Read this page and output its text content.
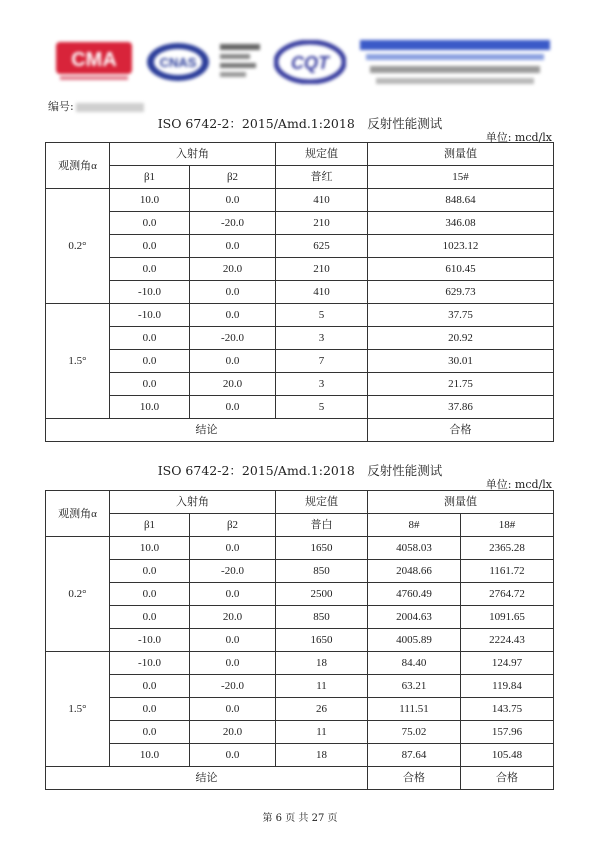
CMA	CNAS	CQT
编号:
ISO 6742-2：2015/Amd.1:2018　反射性能测试
单位: mcd/lx
观测角α	入射角		规定值	测量值
	β1	β2	普红	15#
0.2°	10.0	0.0	410	848.64
	0.0	-20.0	210	346.08
	0.0	0.0	625	1023.12
	0.0	20.0	210	610.45
	-10.0	0.0	410	629.73
1.5°	-10.0	0.0	5	37.75
	0.0	-20.0	3	20.92
	0.0	0.0	7	30.01
	0.0	20.0	3	21.75
	10.0	0.0	5	37.86
结论				合格
ISO 6742-2：2015/Amd.1:2018　反射性能测试
单位: mcd/lx
观测角α	入射角		规定值	测量值	
	β1	β2	普白	8#	18#
0.2°	10.0	0.0	1650	4058.03	2365.28
	0.0	-20.0	850	2048.66	1161.72
	0.0	0.0	2500	4760.49	2764.72
	0.0	20.0	850	2004.63	1091.65
	-10.0	0.0	1650	4005.89	2224.43
1.5°	-10.0	0.0	18	84.40	124.97
	0.0	-20.0	11	63.21	119.84
	0.0	0.0	26	111.51	143.75
	0.0	20.0	11	75.02	157.96
	10.0	0.0	18	87.64	105.48
结论				合格	合格
第 6 页 共 27 页
